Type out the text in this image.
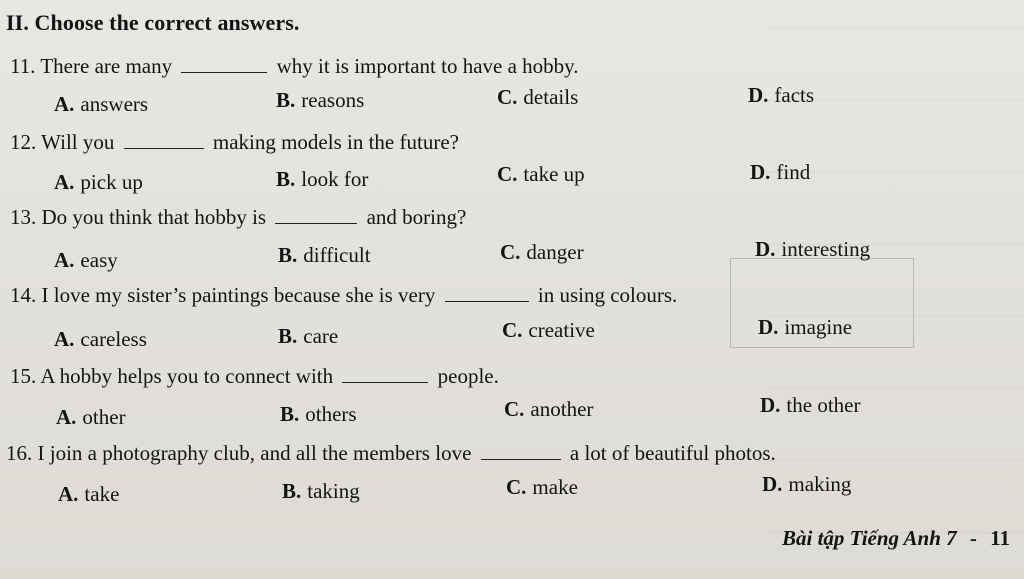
II. Choose the correct answers.
11. There are many	why it is important to have a hobby.
A. answers	B. reasons	C. details	D. facts
12. Will you	making models in the future?
A. pick up	B. look for	C. take up	D. find
13. Do you think that hobby is	and boring?
A. easy	B. difficult	C. danger	D. interesting
14. I love my sister’s paintings because she is very	in using colours.
A. careless	B. care	C. creative	D. imagine
15. A hobby helps you to connect with	people.
A. other	B. others	C. another	D. the other
16. I join a photography club, and all the members love	a lot of beautiful photos.
A. take	B. taking	C. make	D. making
Bài tập Tiếng Anh 7 - 11
